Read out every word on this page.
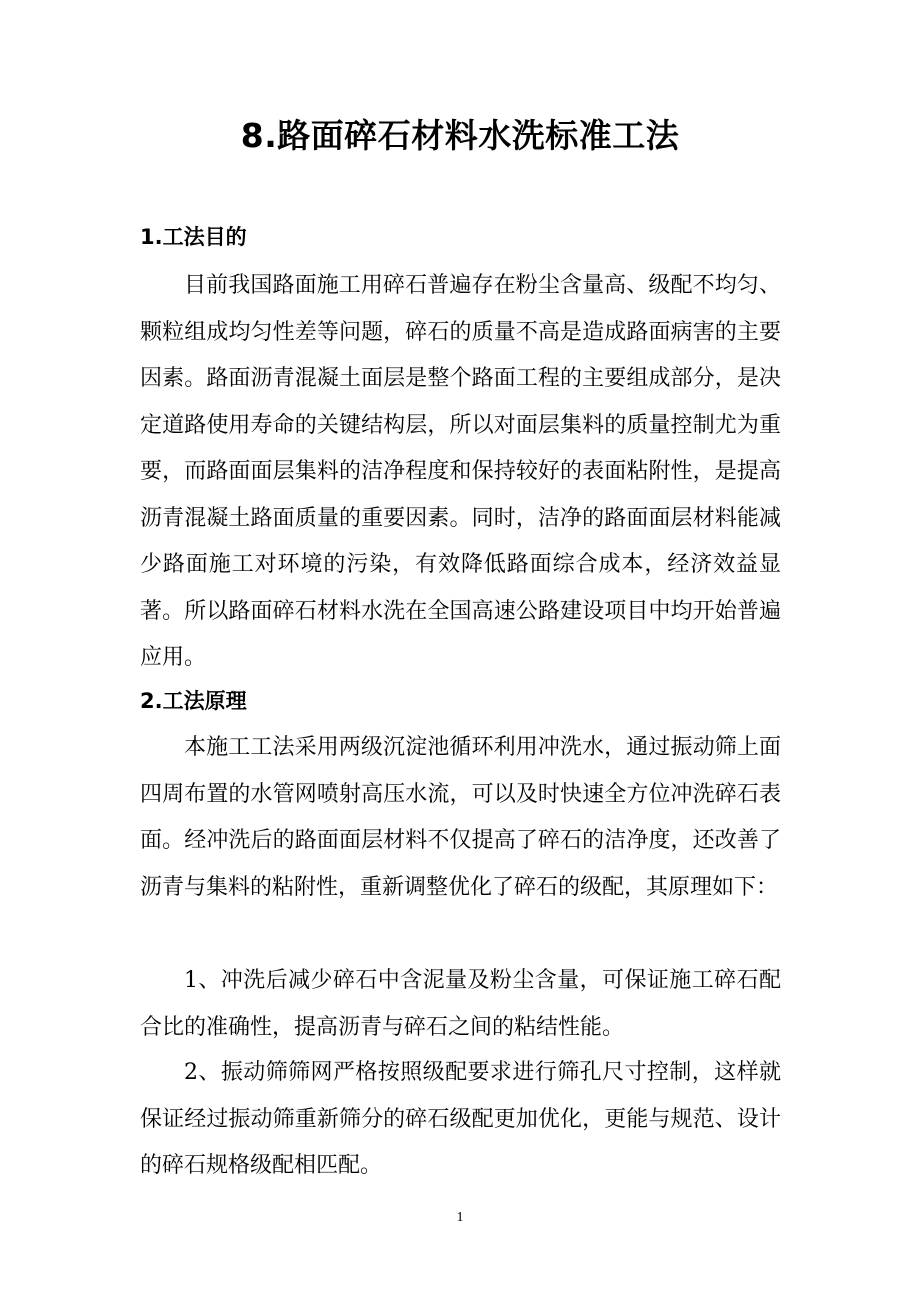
8.路面碎石材料水洗标准工法
1.工法目的

目前我国路面施工用碎石普遍存在粉尘含量高、级配不均匀、颗粒组成均匀性差等问题，碎石的质量不高是造成路面病害的主要因素。路面沥青混凝土面层是整个路面工程的主要组成部分，是决定道路使用寿命的关键结构层，所以对面层集料的质量控制尤为重要，而路面面层集料的洁净程度和保持较好的表面粘附性，是提高沥青混凝土路面质量的重要因素。同时，洁净的路面面层材料能减少路面施工对环境的污染，有效降低路面综合成本，经济效益显著。所以路面碎石材料水洗在全国高速公路建设项目中均开始普遍应用。

2.工法原理

本施工工法采用两级沉淀池循环利用冲洗水，通过振动筛上面四周布置的水管网喷射高压水流，可以及时快速全方位冲洗碎石表面。经冲洗后的路面面层材料不仅提高了碎石的洁净度，还改善了沥青与集料的粘附性，重新调整优化了碎石的级配，其原理如下：

1、冲洗后减少碎石中含泥量及粉尘含量，可保证施工碎石配合比的准确性，提高沥青与碎石之间的粘结性能。

2、振动筛筛网严格按照级配要求进行筛孔尺寸控制，这样就保证经过振动筛重新筛分的碎石级配更加优化，更能与规范、设计的碎石规格级配相匹配。

1
